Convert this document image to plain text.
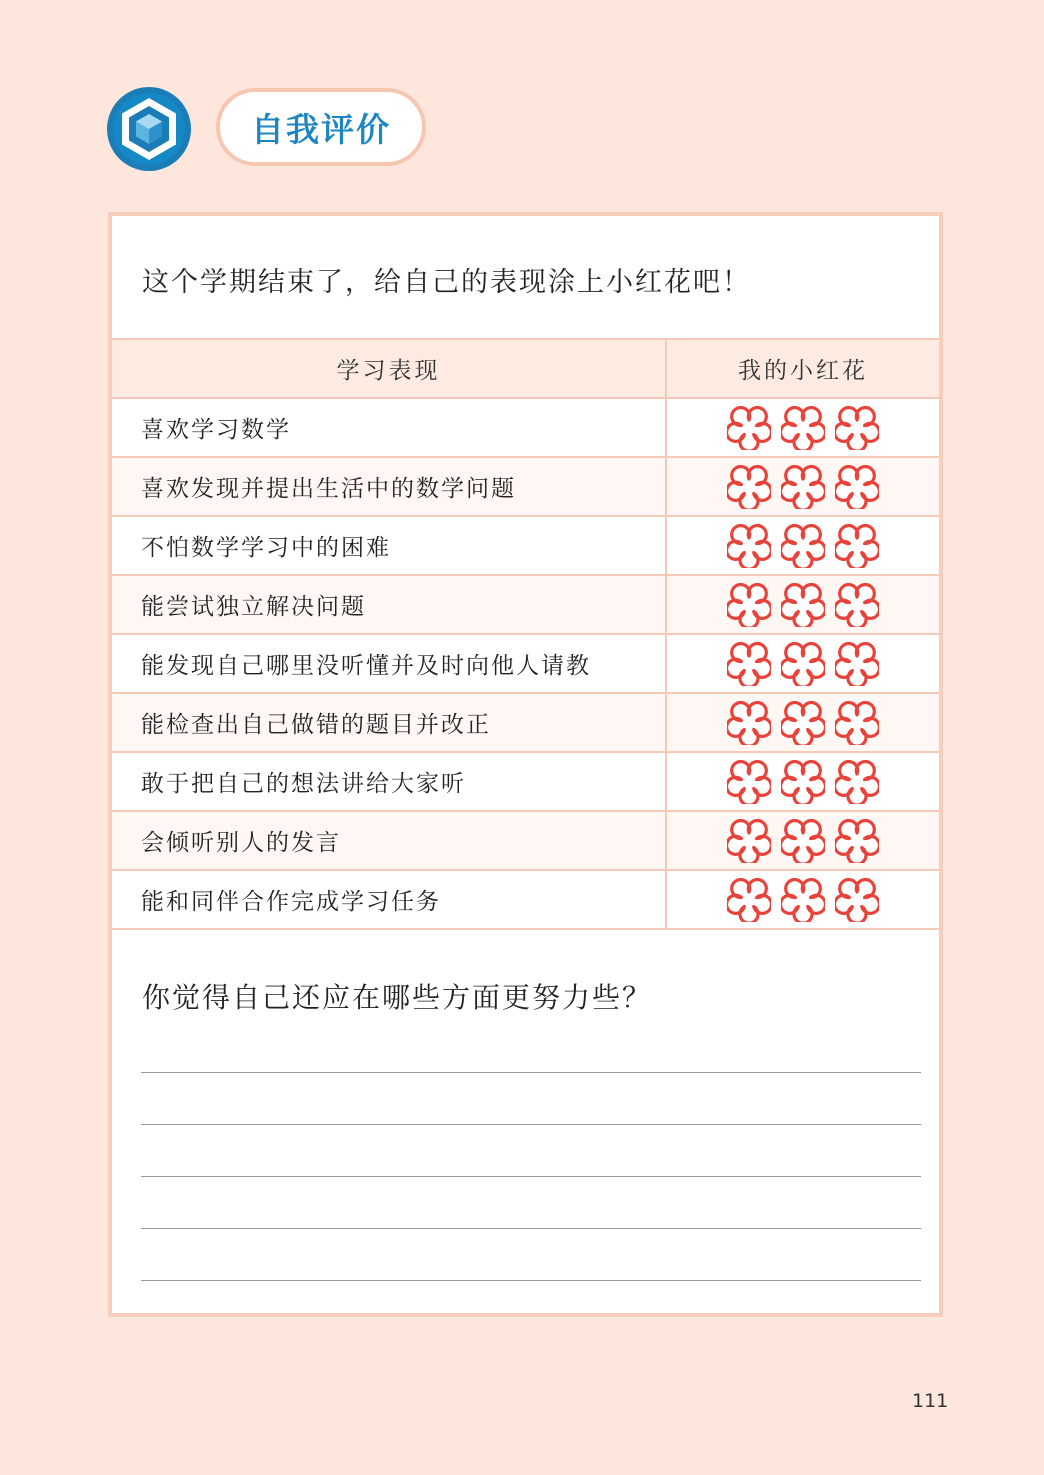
自我评价
这个学期结束了，给自己的表现涂上小红花吧！
学习表现	我的小红花
喜欢学习数学	
喜欢发现并提出生活中的数学问题	
不怕数学学习中的困难	
能尝试独立解决问题	
能发现自己哪里没听懂并及时向他人请教	
能检查出自己做错的题目并改正	
敢于把自己的想法讲给大家听	
会倾听别人的发言	
能和同伴合作完成学习任务	
你觉得自己还应在哪些方面更努力些？
111
